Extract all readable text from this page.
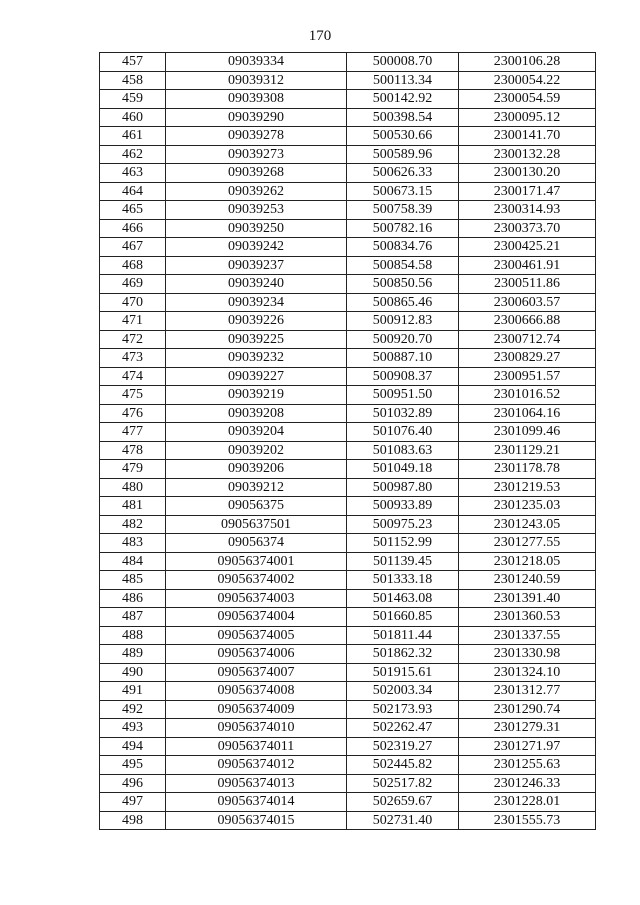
170
457	09039334	500008.70	2300106.28
458	09039312	500113.34	2300054.22
459	09039308	500142.92	2300054.59
460	09039290	500398.54	2300095.12
461	09039278	500530.66	2300141.70
462	09039273	500589.96	2300132.28
463	09039268	500626.33	2300130.20
464	09039262	500673.15	2300171.47
465	09039253	500758.39	2300314.93
466	09039250	500782.16	2300373.70
467	09039242	500834.76	2300425.21
468	09039237	500854.58	2300461.91
469	09039240	500850.56	2300511.86
470	09039234	500865.46	2300603.57
471	09039226	500912.83	2300666.88
472	09039225	500920.70	2300712.74
473	09039232	500887.10	2300829.27
474	09039227	500908.37	2300951.57
475	09039219	500951.50	2301016.52
476	09039208	501032.89	2301064.16
477	09039204	501076.40	2301099.46
478	09039202	501083.63	2301129.21
479	09039206	501049.18	2301178.78
480	09039212	500987.80	2301219.53
481	09056375	500933.89	2301235.03
482	0905637501	500975.23	2301243.05
483	09056374	501152.99	2301277.55
484	09056374001	501139.45	2301218.05
485	09056374002	501333.18	2301240.59
486	09056374003	501463.08	2301391.40
487	09056374004	501660.85	2301360.53
488	09056374005	501811.44	2301337.55
489	09056374006	501862.32	2301330.98
490	09056374007	501915.61	2301324.10
491	09056374008	502003.34	2301312.77
492	09056374009	502173.93	2301290.74
493	09056374010	502262.47	2301279.31
494	09056374011	502319.27	2301271.97
495	09056374012	502445.82	2301255.63
496	09056374013	502517.82	2301246.33
497	09056374014	502659.67	2301228.01
498	09056374015	502731.40	2301555.73
